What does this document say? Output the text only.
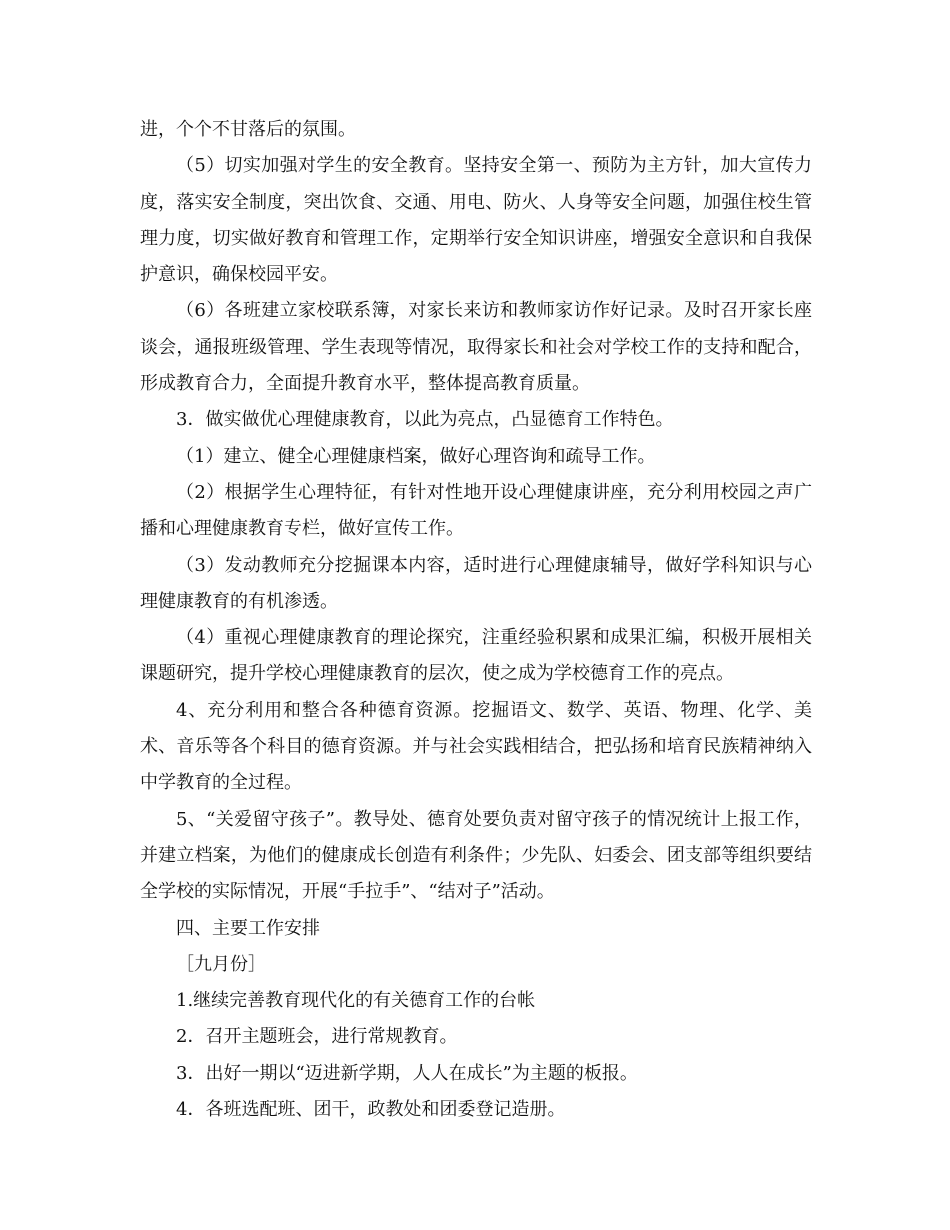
进，个个不甘落后的氛围。

（5）切实加强对学生的安全教育。坚持安全第一、预防为主方针，加大宣传力度，落实安全制度，突出饮食、交通、用电、防火、人身等安全问题，加强住校生管理力度，切实做好教育和管理工作，定期举行安全知识讲座，增强安全意识和自我保护意识，确保校园平安。

（6）各班建立家校联系簿，对家长来访和教师家访作好记录。及时召开家长座谈会，通报班级管理、学生表现等情况，取得家长和社会对学校工作的支持和配合，形成教育合力，全面提升教育水平，整体提高教育质量。

3．做实做优心理健康教育，以此为亮点，凸显德育工作特色。

（1）建立、健全心理健康档案，做好心理咨询和疏导工作。

（2）根据学生心理特征，有针对性地开设心理健康讲座，充分利用校园之声广播和心理健康教育专栏，做好宣传工作。

（3）发动教师充分挖掘课本内容，适时进行心理健康辅导，做好学科知识与心理健康教育的有机渗透。

（4）重视心理健康教育的理论探究，注重经验积累和成果汇编，积极开展相关课题研究，提升学校心理健康教育的层次，使之成为学校德育工作的亮点。

4、充分利用和整合各种德育资源。挖掘语文、数学、英语、物理、化学、美术、音乐等各个科目的德育资源。并与社会实践相结合，把弘扬和培育民族精神纳入中学教育的全过程。

5、“关爱留守孩子”。教导处、德育处要负责对留守孩子的情况统计上报工作，并建立档案，为他们的健康成长创造有利条件；少先队、妇委会、团支部等组织要结全学校的实际情况，开展“手拉手”、“结对子”活动。

四、主要工作安排

［九月份］

1.继续完善教育现代化的有关德育工作的台帐

2．召开主题班会，进行常规教育。

3．出好一期以“迈进新学期，人人在成长”为主题的板报。

4．各班选配班、团干，政教处和团委登记造册。
